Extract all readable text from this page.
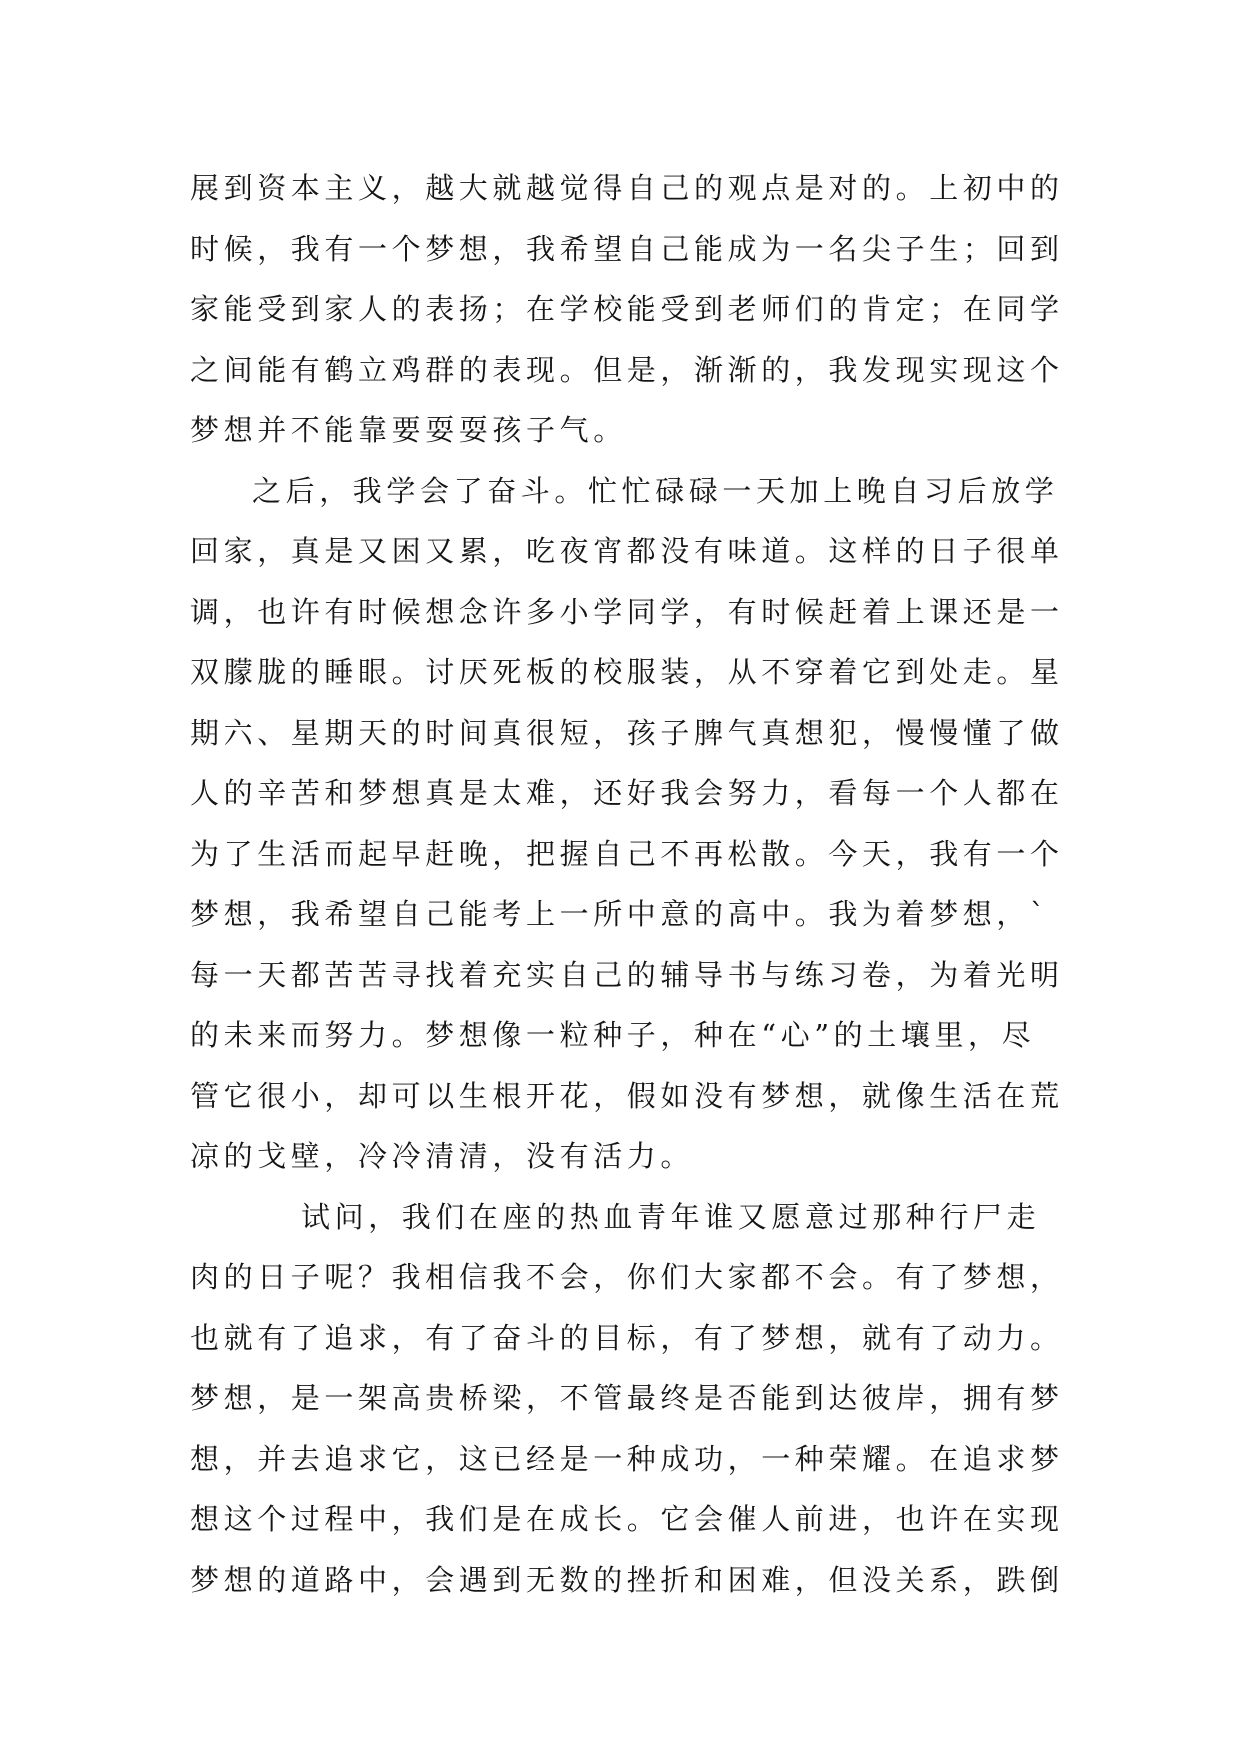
展到资本主义，越大就越觉得自己的观点是对的。上初中的
时候，我有一个梦想，我希望自己能成为一名尖子生；回到
家能受到家人的表扬；在学校能受到老师们的肯定；在同学
之间能有鹤立鸡群的表现。但是，渐渐的，我发现实现这个
梦想并不能靠要耍耍孩子气。
之后，我学会了奋斗。忙忙碌碌一天加上晚自习后放学
回家，真是又困又累，吃夜宵都没有味道。这样的日子很单
调，也许有时候想念许多小学同学，有时候赶着上课还是一
双朦胧的睡眼。讨厌死板的校服装，从不穿着它到处走。星
期六、星期天的时间真很短，孩子脾气真想犯，慢慢懂了做
人的辛苦和梦想真是太难，还好我会努力，看每一个人都在
为了生活而起早赶晚，把握自己不再松散。今天，我有一个
梦想，我希望自己能考上一所中意的高中。我为着梦想，`
每一天都苦苦寻找着充实自己的辅导书与练习卷，为着光明
的未来而努力。梦想像一粒种子，种在“心”的土壤里，尽
管它很小，却可以生根开花，假如没有梦想，就像生活在荒
凉的戈壁，冷冷清清，没有活力。
试问，我们在座的热血青年谁又愿意过那种行尸走
肉的日子呢？我相信我不会，你们大家都不会。有了梦想，
也就有了追求，有了奋斗的目标，有了梦想，就有了动力。
梦想，是一架高贵桥梁，不管最终是否能到达彼岸，拥有梦
想，并去追求它，这已经是一种成功，一种荣耀。在追求梦
想这个过程中，我们是在成长。它会催人前进，也许在实现
梦想的道路中，会遇到无数的挫折和困难，但没关系，跌倒
